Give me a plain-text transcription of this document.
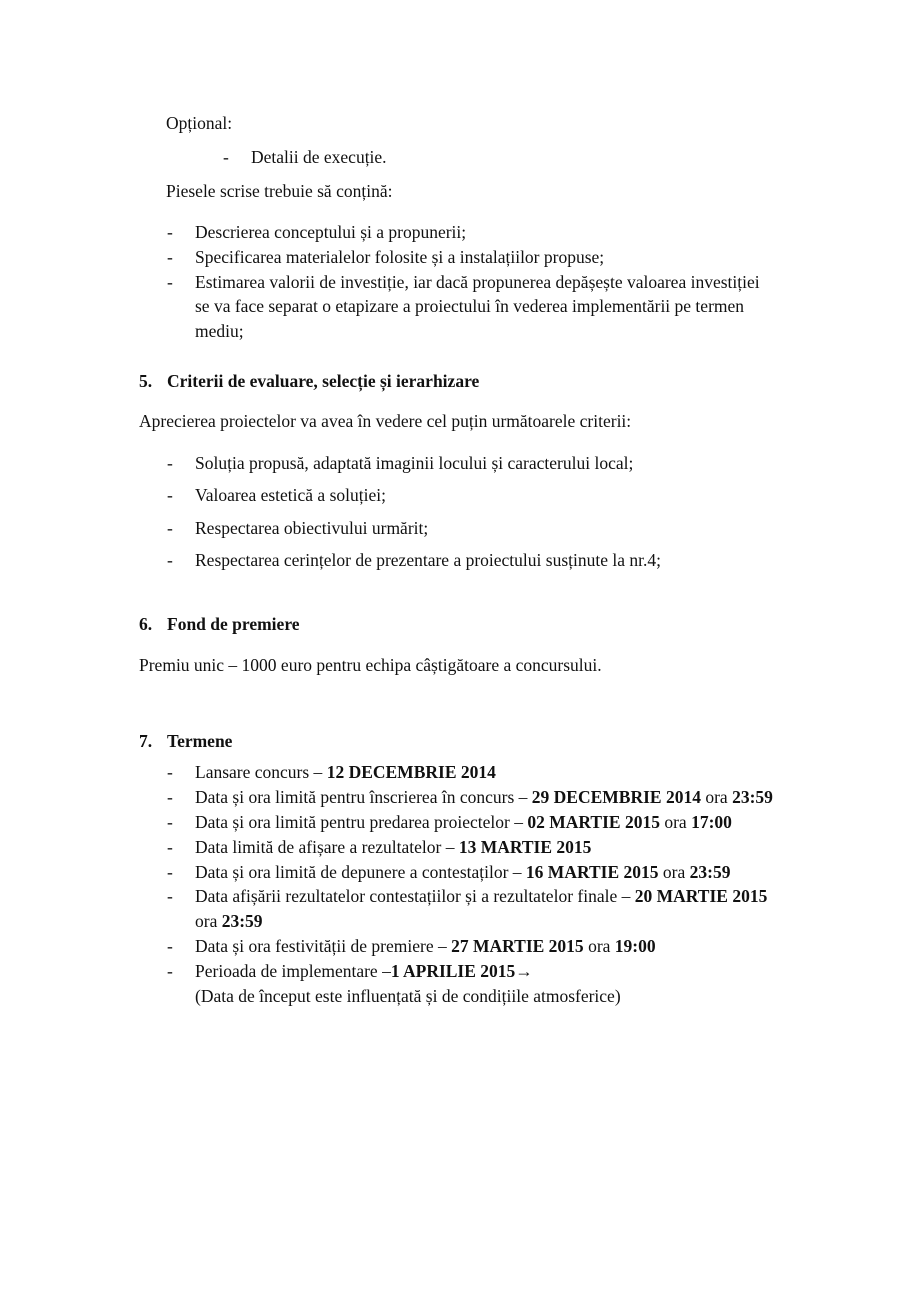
Opțional:
- Detalii de execuție.
Piesele scrise trebuie să conțină:
- Descrierea conceptului și a propunerii;
- Specificarea materialelor folosite și a instalațiilor propuse;
- Estimarea valorii de investiție, iar dacă propunerea depășește valoarea investiției
se va face separat o etapizare a proiectului în vederea implementării pe termen
mediu;
5. Criterii de evaluare, selecție și ierarhizare
Aprecierea proiectelor va avea în vedere cel puțin următoarele criterii:
- Soluția propusă, adaptată imaginii locului și caracterului local;
- Valoarea estetică a soluției;
- Respectarea obiectivului urmărit;
- Respectarea cerințelor de prezentare a proiectului susținute la nr.4;
6. Fond de premiere
Premiu unic – 1000 euro pentru echipa câștigătoare a concursului.
7. Termene
- Lansare concurs – 12 DECEMBRIE 2014
- Data și ora limită pentru înscrierea în concurs – 29 DECEMBRIE 2014 ora 23:59
- Data și ora limită pentru predarea proiectelor – 02 MARTIE 2015 ora 17:00
- Data limită de afișare a rezultatelor – 13 MARTIE 2015
- Data și ora limită de depunere a contestaților – 16 MARTIE 2015 ora 23:59
- Data afișării rezultatelor contestațiilor și a rezultatelor finale – 20 MARTIE 2015
ora 23:59
- Data și ora festivității de premiere – 27 MARTIE 2015 ora 19:00
- Perioada de implementare –1 APRILIE 2015→
(Data de început este influențată și de condițiile atmosferice)
